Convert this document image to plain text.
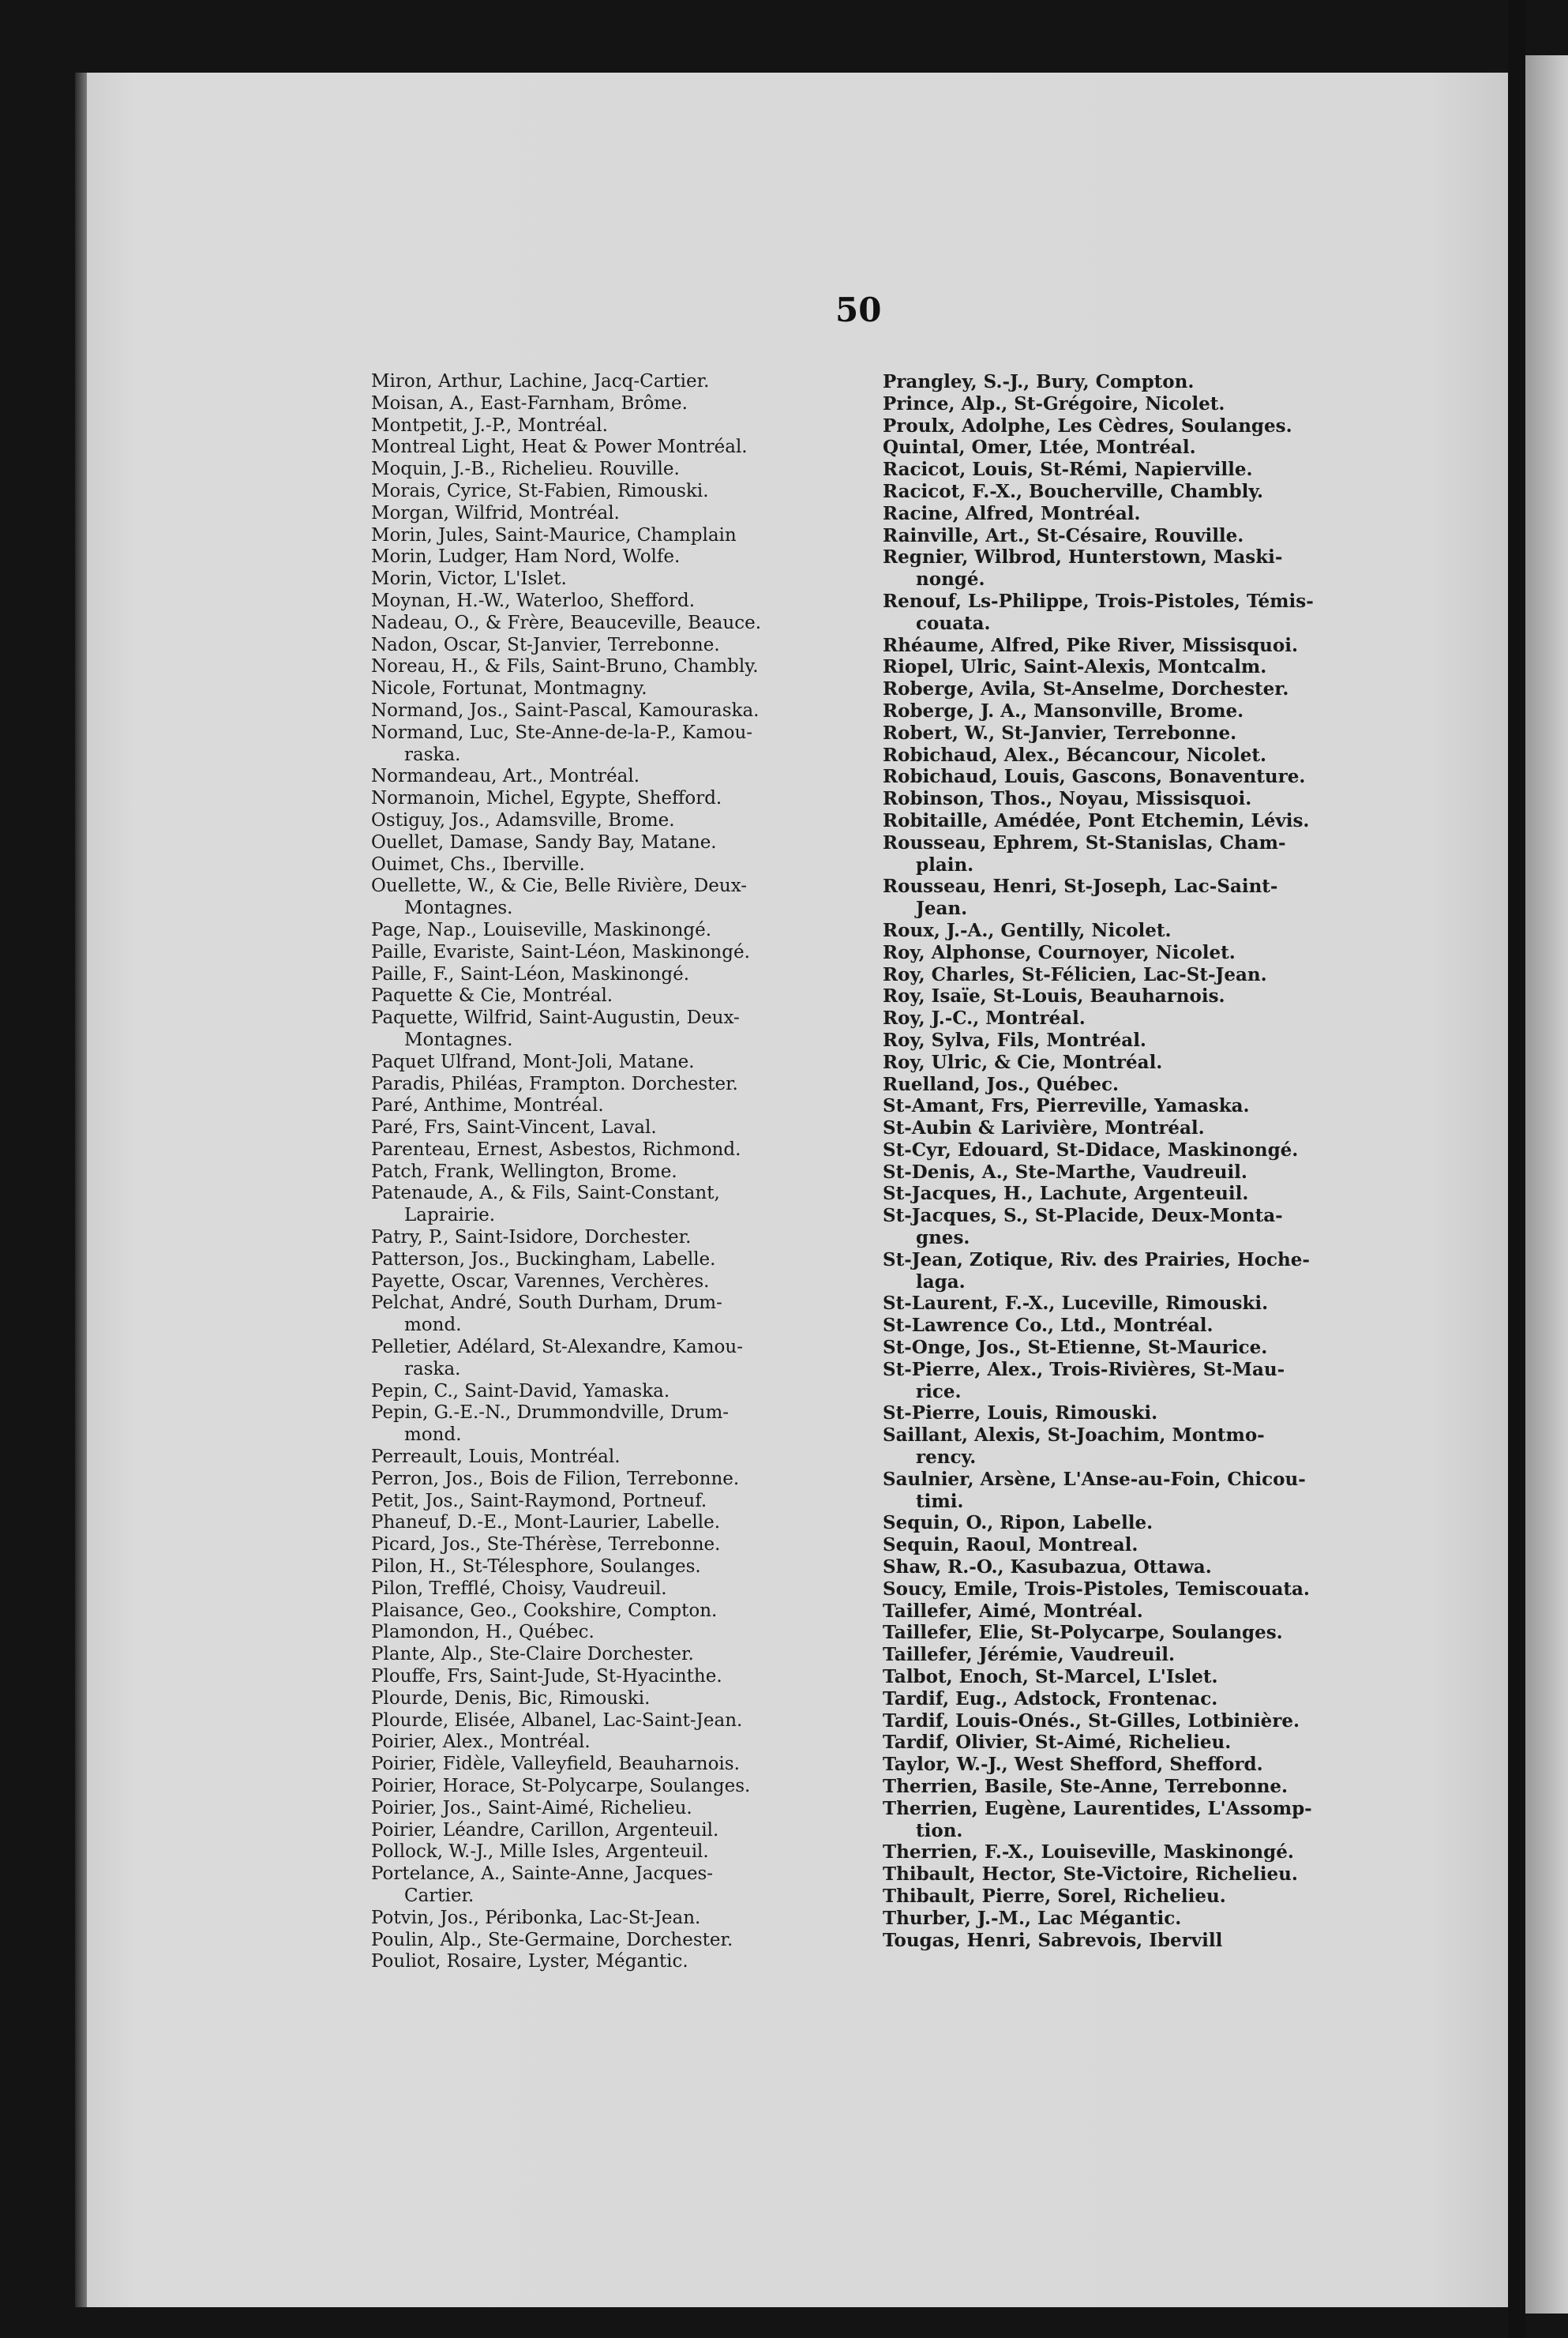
50
Miron, Arthur, Lachine, Jacq-Cartier.
Moisan, A., East-Farnham, Brôme.
Montpetit, J.-P., Montréal.
Montreal Light, Heat & Power Montréal.
Moquin, J.-B., Richelieu. Rouville.
Morais, Cyrice, St-Fabien, Rimouski.
Morgan, Wilfrid, Montréal.
Morin, Jules, Saint-Maurice, Champlain
Morin, Ludger, Ham Nord, Wolfe.
Morin, Victor, L'Islet.
Moynan, H.-W., Waterloo, Shefford.
Nadeau, O., & Frère, Beauceville, Beauce.
Nadon, Oscar, St-Janvier, Terrebonne.
Noreau, H., & Fils, Saint-Bruno, Chambly.
Nicole, Fortunat, Montmagny.
Normand, Jos., Saint-Pascal, Kamouraska.
Normand, Luc, Ste-Anne-de-la-P., Kamou-
raska.
Normandeau, Art., Montréal.
Normanoin, Michel, Egypte, Shefford.
Ostiguy, Jos., Adamsville, Brome.
Ouellet, Damase, Sandy Bay, Matane.
Ouimet, Chs., Iberville.
Ouellette, W., & Cie, Belle Rivière, Deux-
Montagnes.
Page, Nap., Louiseville, Maskinongé.
Paille, Evariste, Saint-Léon, Maskinongé.
Paille, F., Saint-Léon, Maskinongé.
Paquette & Cie, Montréal.
Paquette, Wilfrid, Saint-Augustin, Deux-
Montagnes.
Paquet Ulfrand, Mont-Joli, Matane.
Paradis, Philéas, Frampton. Dorchester.
Paré, Anthime, Montréal.
Paré, Frs, Saint-Vincent, Laval.
Parenteau, Ernest, Asbestos, Richmond.
Patch, Frank, Wellington, Brome.
Patenaude, A., & Fils, Saint-Constant,
Laprairie.
Patry, P., Saint-Isidore, Dorchester.
Patterson, Jos., Buckingham, Labelle.
Payette, Oscar, Varennes, Verchères.
Pelchat, André, South Durham, Drum-
mond.
Pelletier, Adélard, St-Alexandre, Kamou-
raska.
Pepin, C., Saint-David, Yamaska.
Pepin, G.-E.-N., Drummondville, Drum-
mond.
Perreault, Louis, Montréal.
Perron, Jos., Bois de Filion, Terrebonne.
Petit, Jos., Saint-Raymond, Portneuf.
Phaneuf, D.-E., Mont-Laurier, Labelle.
Picard, Jos., Ste-Thérèse, Terrebonne.
Pilon, H., St-Télesphore, Soulanges.
Pilon, Trefflé, Choisy, Vaudreuil.
Plaisance, Geo., Cookshire, Compton.
Plamondon, H., Québec.
Plante, Alp., Ste-Claire Dorchester.
Plouffe, Frs, Saint-Jude, St-Hyacinthe.
Plourde, Denis, Bic, Rimouski.
Plourde, Elisée, Albanel, Lac-Saint-Jean.
Poirier, Alex., Montréal.
Poirier, Fidèle, Valleyfield, Beauharnois.
Poirier, Horace, St-Polycarpe, Soulanges.
Poirier, Jos., Saint-Aimé, Richelieu.
Poirier, Léandre, Carillon, Argenteuil.
Pollock, W.-J., Mille Isles, Argenteuil.
Portelance, A., Sainte-Anne, Jacques-
Cartier.
Potvin, Jos., Péribonka, Lac-St-Jean.
Poulin, Alp., Ste-Germaine, Dorchester.
Pouliot, Rosaire, Lyster, Mégantic.
Prangley, S.-J., Bury, Compton.
Prince, Alp., St-Grégoire, Nicolet.
Proulx, Adolphe, Les Cèdres, Soulanges.
Quintal, Omer, Ltée, Montréal.
Racicot, Louis, St-Rémi, Napierville.
Racicot, F.-X., Boucherville, Chambly.
Racine, Alfred, Montréal.
Rainville, Art., St-Césaire, Rouville.
Regnier, Wilbrod, Hunterstown, Maski-
nongé.
Renouf, Ls-Philippe, Trois-Pistoles, Témis-
couata.
Rhéaume, Alfred, Pike River, Missisquoi.
Riopel, Ulric, Saint-Alexis, Montcalm.
Roberge, Avila, St-Anselme, Dorchester.
Roberge, J. A., Mansonville, Brome.
Robert, W., St-Janvier, Terrebonne.
Robichaud, Alex., Bécancour, Nicolet.
Robichaud, Louis, Gascons, Bonaventure.
Robinson, Thos., Noyau, Missisquoi.
Robitaille, Amédée, Pont Etchemin, Lévis.
Rousseau, Ephrem, St-Stanislas, Cham-
plain.
Rousseau, Henri, St-Joseph, Lac-Saint-
Jean.
Roux, J.-A., Gentilly, Nicolet.
Roy, Alphonse, Cournoyer, Nicolet.
Roy, Charles, St-Félicien, Lac-St-Jean.
Roy, Isaïe, St-Louis, Beauharnois.
Roy, J.-C., Montréal.
Roy, Sylva, Fils, Montréal.
Roy, Ulric, & Cie, Montréal.
Ruelland, Jos., Québec.
St-Amant, Frs, Pierreville, Yamaska.
St-Aubin & Larivière, Montréal.
St-Cyr, Edouard, St-Didace, Maskinongé.
St-Denis, A., Ste-Marthe, Vaudreuil.
St-Jacques, H., Lachute, Argenteuil.
St-Jacques, S., St-Placide, Deux-Monta-
gnes.
St-Jean, Zotique, Riv. des Prairies, Hoche-
laga.
St-Laurent, F.-X., Luceville, Rimouski.
St-Lawrence Co., Ltd., Montréal.
St-Onge, Jos., St-Etienne, St-Maurice.
St-Pierre, Alex., Trois-Rivières, St-Mau-
rice.
St-Pierre, Louis, Rimouski.
Saillant, Alexis, St-Joachim, Montmo-
rency.
Saulnier, Arsène, L'Anse-au-Foin, Chicou-
timi.
Sequin, O., Ripon, Labelle.
Sequin, Raoul, Montreal.
Shaw, R.-O., Kasubazua, Ottawa.
Soucy, Emile, Trois-Pistoles, Temiscouata.
Taillefer, Aimé, Montréal.
Taillefer, Elie, St-Polycarpe, Soulanges.
Taillefer, Jérémie, Vaudreuil.
Talbot, Enoch, St-Marcel, L'Islet.
Tardif, Eug., Adstock, Frontenac.
Tardif, Louis-Onés., St-Gilles, Lotbinière.
Tardif, Olivier, St-Aimé, Richelieu.
Taylor, W.-J., West Shefford, Shefford.
Therrien, Basile, Ste-Anne, Terrebonne.
Therrien, Eugène, Laurentides, L'Assomp-
tion.
Therrien, F.-X., Louiseville, Maskinongé.
Thibault, Hector, Ste-Victoire, Richelieu.
Thibault, Pierre, Sorel, Richelieu.
Thurber, J.-M., Lac Mégantic.
Tougas, Henri, Sabrevois, Ibervill
